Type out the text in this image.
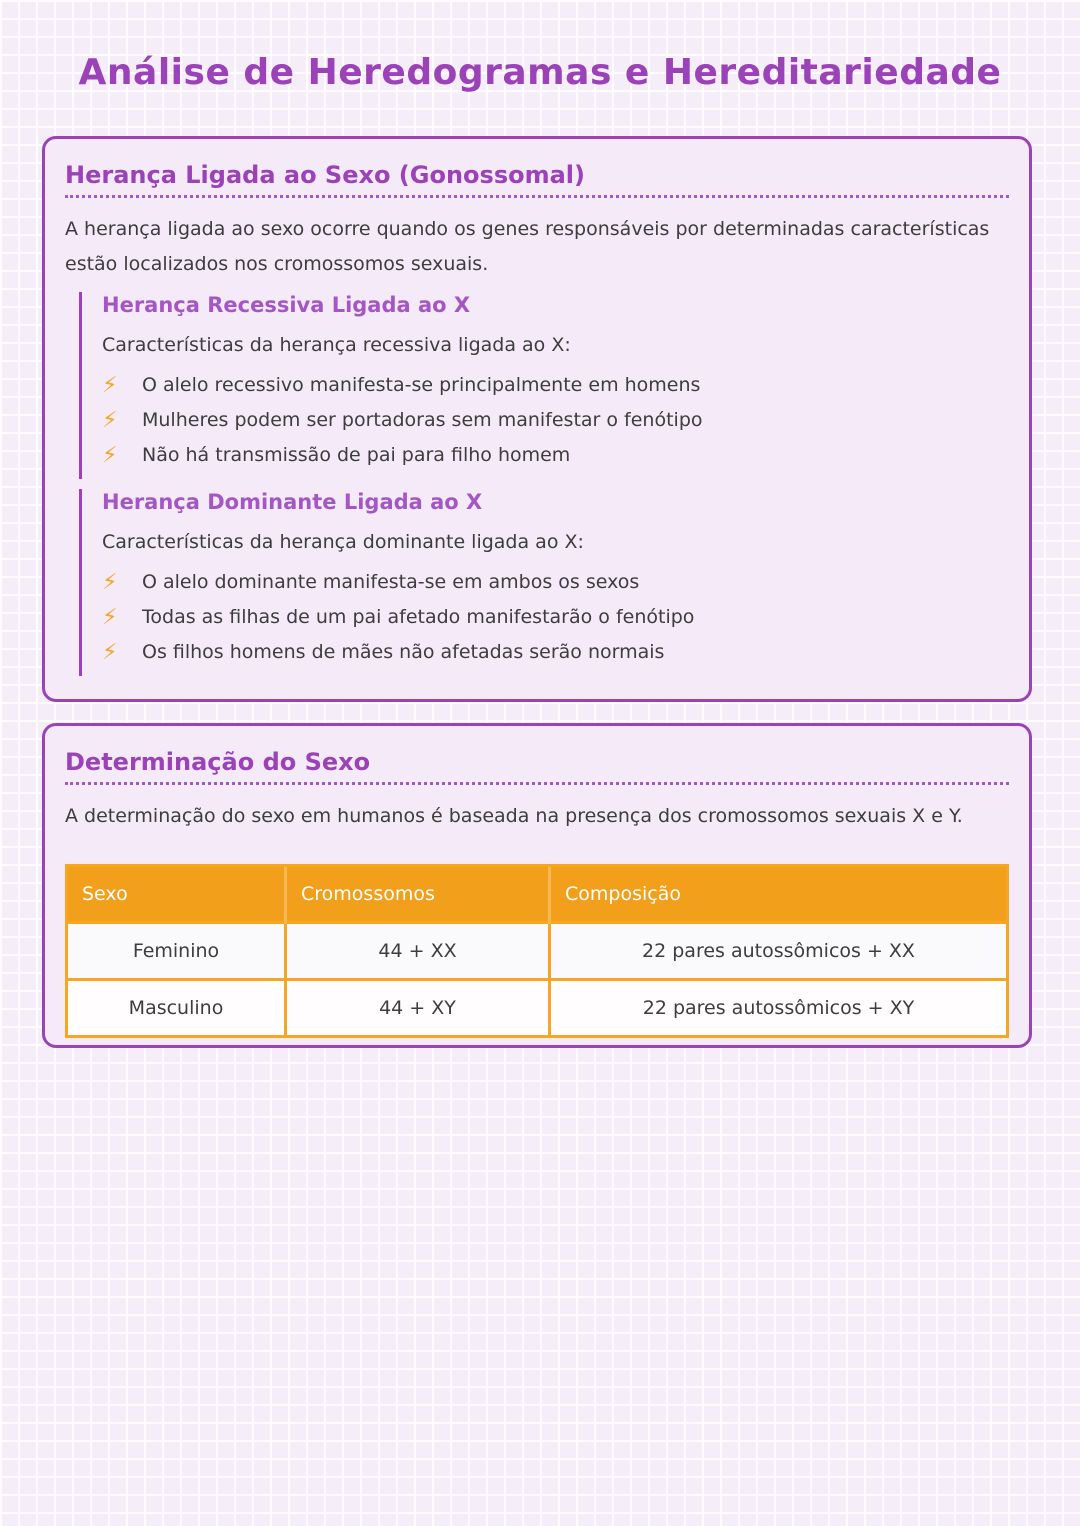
Análise de Heredogramas e Hereditariedade
Herança Ligada ao Sexo (Gonossomal)

A herança ligada ao sexo ocorre quando os genes responsáveis por determinadas características estão localizados nos cromossomos sexuais.

Herança Recessiva Ligada ao X

Características da herança recessiva ligada ao X:

⚡	O alelo recessivo manifesta-se principalmente em homens
⚡	Mulheres podem ser portadoras sem manifestar o fenótipo
⚡	Não há transmissão de pai para filho homem
Herança Dominante Ligada ao X

Características da herança dominante ligada ao X:

⚡	O alelo dominante manifesta-se em ambos os sexos
⚡	Todas as filhas de um pai afetado manifestarão o fenótipo
⚡	Os filhos homens de mães não afetadas serão normais
Determinação do Sexo

A determinação do sexo em humanos é baseada na presença dos cromossomos sexuais X e Y.

Sexo	Cromossomos	Composição
Feminino	44 + XX	22 pares autossômicos + XX
Masculino	44 + XY	22 pares autossômicos + XY
